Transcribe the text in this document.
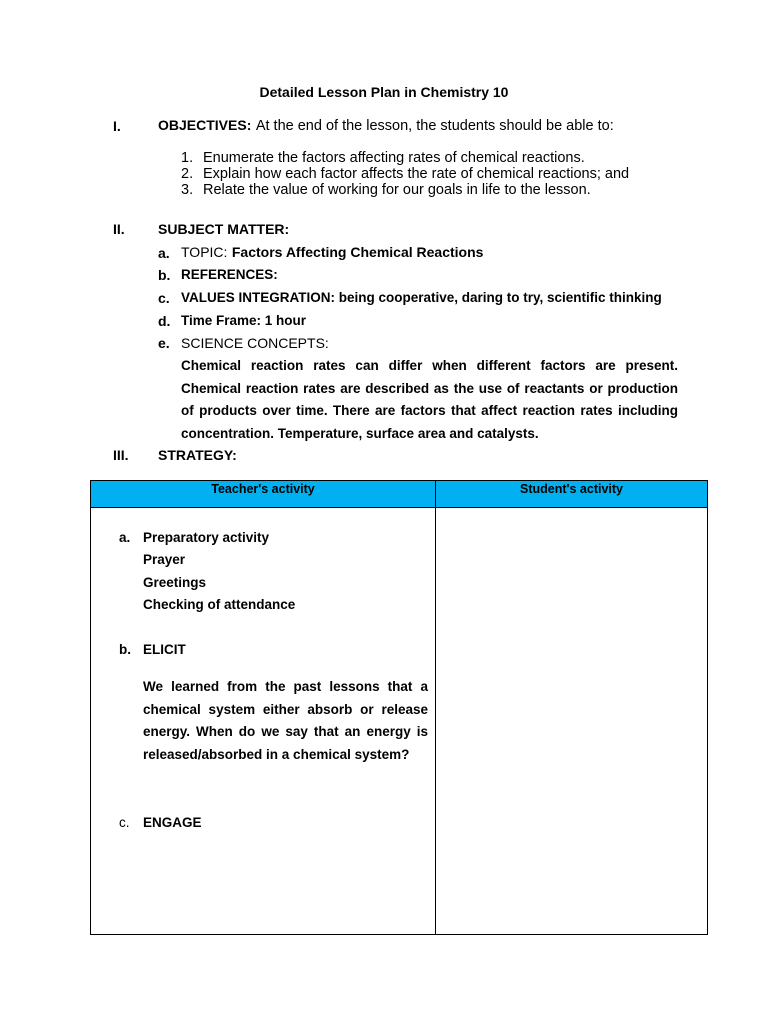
Detailed Lesson Plan in Chemistry 10
I.	OBJECTIVES: At the end of the lesson, the students should be able to:
1. Enumerate the factors affecting rates of chemical reactions.
2. Explain how each factor affects the rate of chemical reactions; and
3. Relate the value of working for our goals in life to the lesson.
II. SUBJECT MATTER:
a. TOPIC: Factors Affecting Chemical Reactions
b. REFERENCES:
c. VALUES INTEGRATION: being cooperative, daring to try, scientific thinking
d. Time Frame: 1 hour
e. SCIENCE CONCEPTS:
Chemical reaction rates can differ when different factors are present. Chemical reaction rates are described as the use of reactants or production of products over time. There are factors that affect reaction rates including concentration. Temperature, surface area and catalysts.
III. STRATEGY:
Teacher's activity	Student's activity
a. Preparatory activity
Prayer
Greetings
Checking of attendance
b. ELICIT
We learned from the past lessons that a chemical system either absorb or release energy. When do we say that an energy is released/absorbed in a chemical system?
c. ENGAGE
